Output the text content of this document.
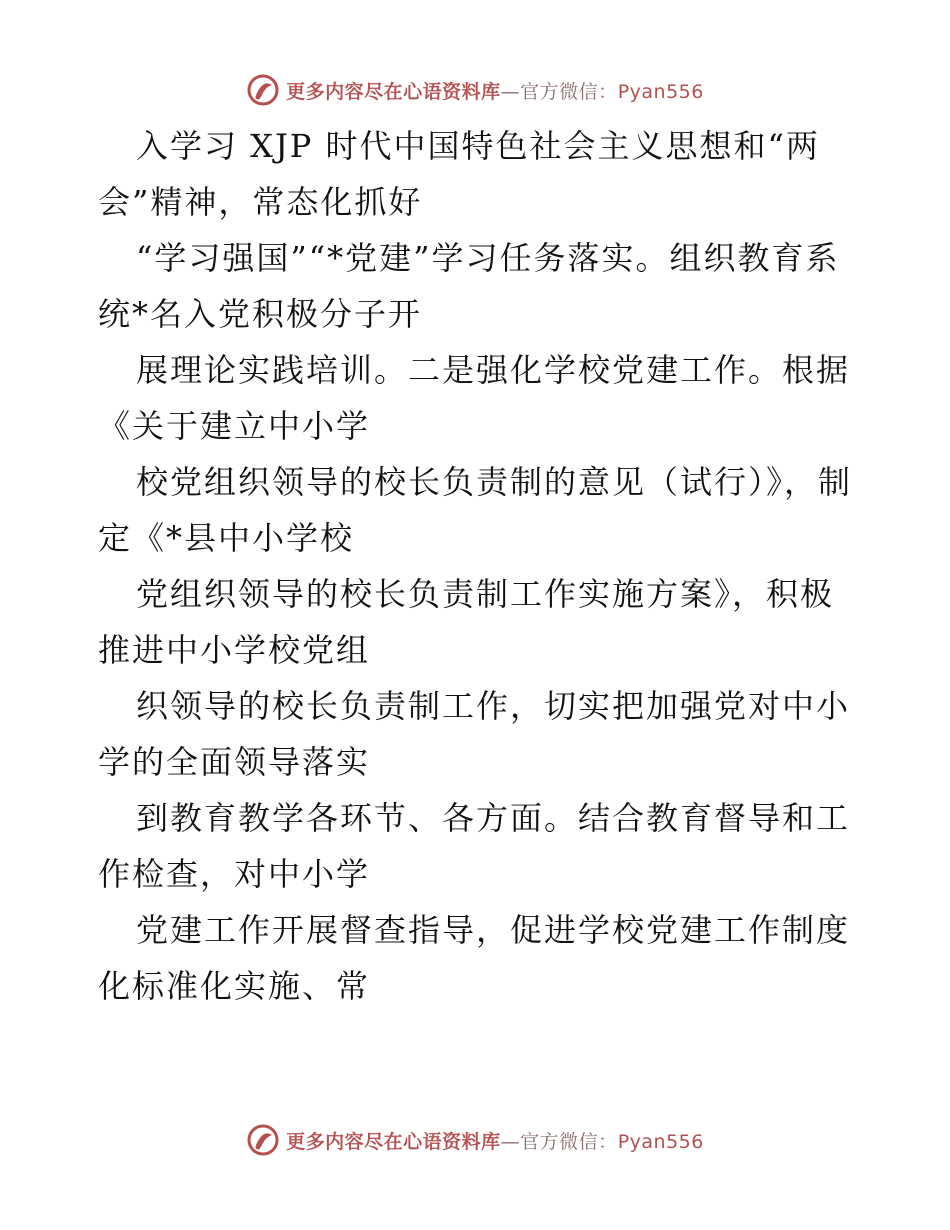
更多内容尽在心语资料库 — 官方微信： Pyan556

入学习 XJP 时代中国特色社会主义思想和“两会”精神，常态化抓好

“学习强国”“*党建”学习任务落实。组织教育系统*名入党积极分子开

展理论实践培训。二是强化学校党建工作。根据《关于建立中小学

校党组织领导的校长负责制的意见（试行）》，制定《*县中小学校

党组织领导的校长负责制工作实施方案》，积极推进中小学校党组

织领导的校长负责制工作，切实把加强党对中小学的全面领导落实

到教育教学各环节、各方面。结合教育督导和工作检查，对中小学

党建工作开展督查指导，促进学校党建工作制度化标准化实施、常

更多内容尽在心语资料库 — 官方微信： Pyan556
